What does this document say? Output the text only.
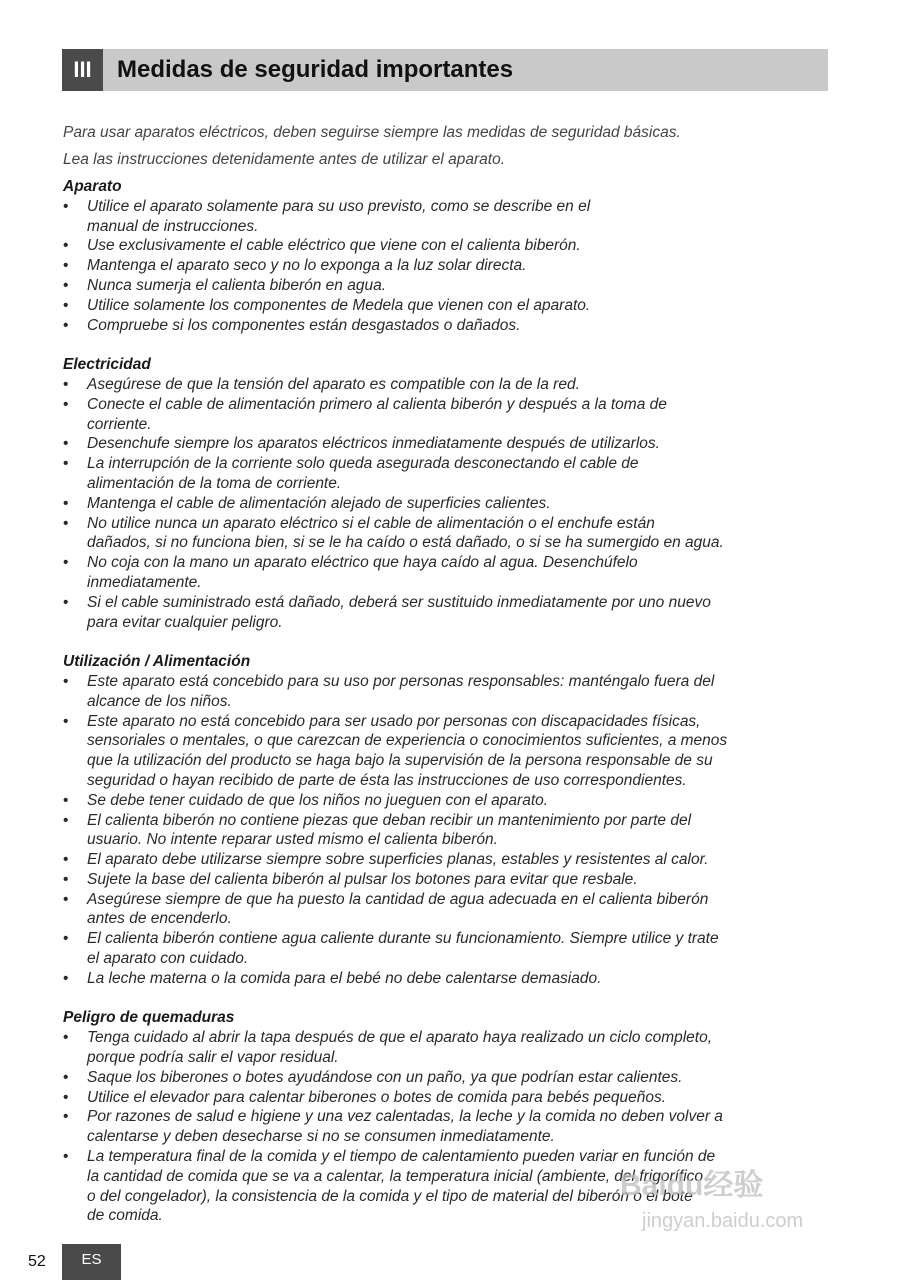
III	Medidas de seguridad importantes
Para usar aparatos eléctricos, deben seguirse siempre las medidas de seguridad básicas.
Lea las instrucciones detenidamente antes de utilizar el aparato.
Aparato
• Utilice el aparato solamente para su uso previsto, como se describe en el
manual de instrucciones.
• Use exclusivamente el cable eléctrico que viene con el calienta biberón.
• Mantenga el aparato seco y no lo exponga a la luz solar directa.
• Nunca sumerja el calienta biberón en agua.
• Utilice solamente los componentes de Medela que vienen con el aparato.
• Compruebe si los componentes están desgastados o dañados.
Electricidad
• Asegúrese de que la tensión del aparato es compatible con la de la red.
• Conecte el cable de alimentación primero al calienta biberón y después a la toma de
corriente.
• Desenchufe siempre los aparatos eléctricos inmediatamente después de utilizarlos.
• La interrupción de la corriente solo queda asegurada desconectando el cable de
alimentación de la toma de corriente.
• Mantenga el cable de alimentación alejado de superficies calientes.
• No utilice nunca un aparato eléctrico si el cable de alimentación o el enchufe están
dañados, si no funciona bien, si se le ha caído o está dañado, o si se ha sumergido en agua.
• No coja con la mano un aparato eléctrico que haya caído al agua. Desenchúfelo
inmediatamente.
• Si el cable suministrado está dañado, deberá ser sustituido inmediatamente por uno nuevo
para evitar cualquier peligro.
Utilización / Alimentación
• Este aparato está concebido para su uso por personas responsables: manténgalo fuera del
alcance de los niños.
• Este aparato no está concebido para ser usado por personas con discapacidades físicas,
sensoriales o mentales, o que carezcan de experiencia o conocimientos suficientes, a menos
que la utilización del producto se haga bajo la supervisión de la persona responsable de su
seguridad o hayan recibido de parte de ésta las instrucciones de uso correspondientes.
• Se debe tener cuidado de que los niños no jueguen con el aparato.
• El calienta biberón no contiene piezas que deban recibir un mantenimiento por parte del
usuario. No intente reparar usted mismo el calienta biberón.
• El aparato debe utilizarse siempre sobre superficies planas, estables y resistentes al calor.
• Sujete la base del calienta biberón al pulsar los botones para evitar que resbale.
• Asegúrese siempre de que ha puesto la cantidad de agua adecuada en el calienta biberón
antes de encenderlo.
• El calienta biberón contiene agua caliente durante su funcionamiento. Siempre utilice y trate
el aparato con cuidado.
• La leche materna o la comida para el bebé no debe calentarse demasiado.
Peligro de quemaduras
• Tenga cuidado al abrir la tapa después de que el aparato haya realizado un ciclo completo,
porque podría salir el vapor residual.
• Saque los biberones o botes ayudándose con un paño, ya que podrían estar calientes.
• Utilice el elevador para calentar biberones o botes de comida para bebés pequeños.
• Por razones de salud e higiene y una vez calentadas, la leche y la comida no deben volver a
calentarse y deben desecharse si no se consumen inmediatamente.
• La temperatura final de la comida y el tiempo de calentamiento pueden variar en función de
la cantidad de comida que se va a calentar, la temperatura inicial (ambiente, del frigorífico
o del congelador), la consistencia de la comida y el tipo de material del biberón o el bote
de comida.
52	ES
Baidu经验
jingyan.baidu.com
